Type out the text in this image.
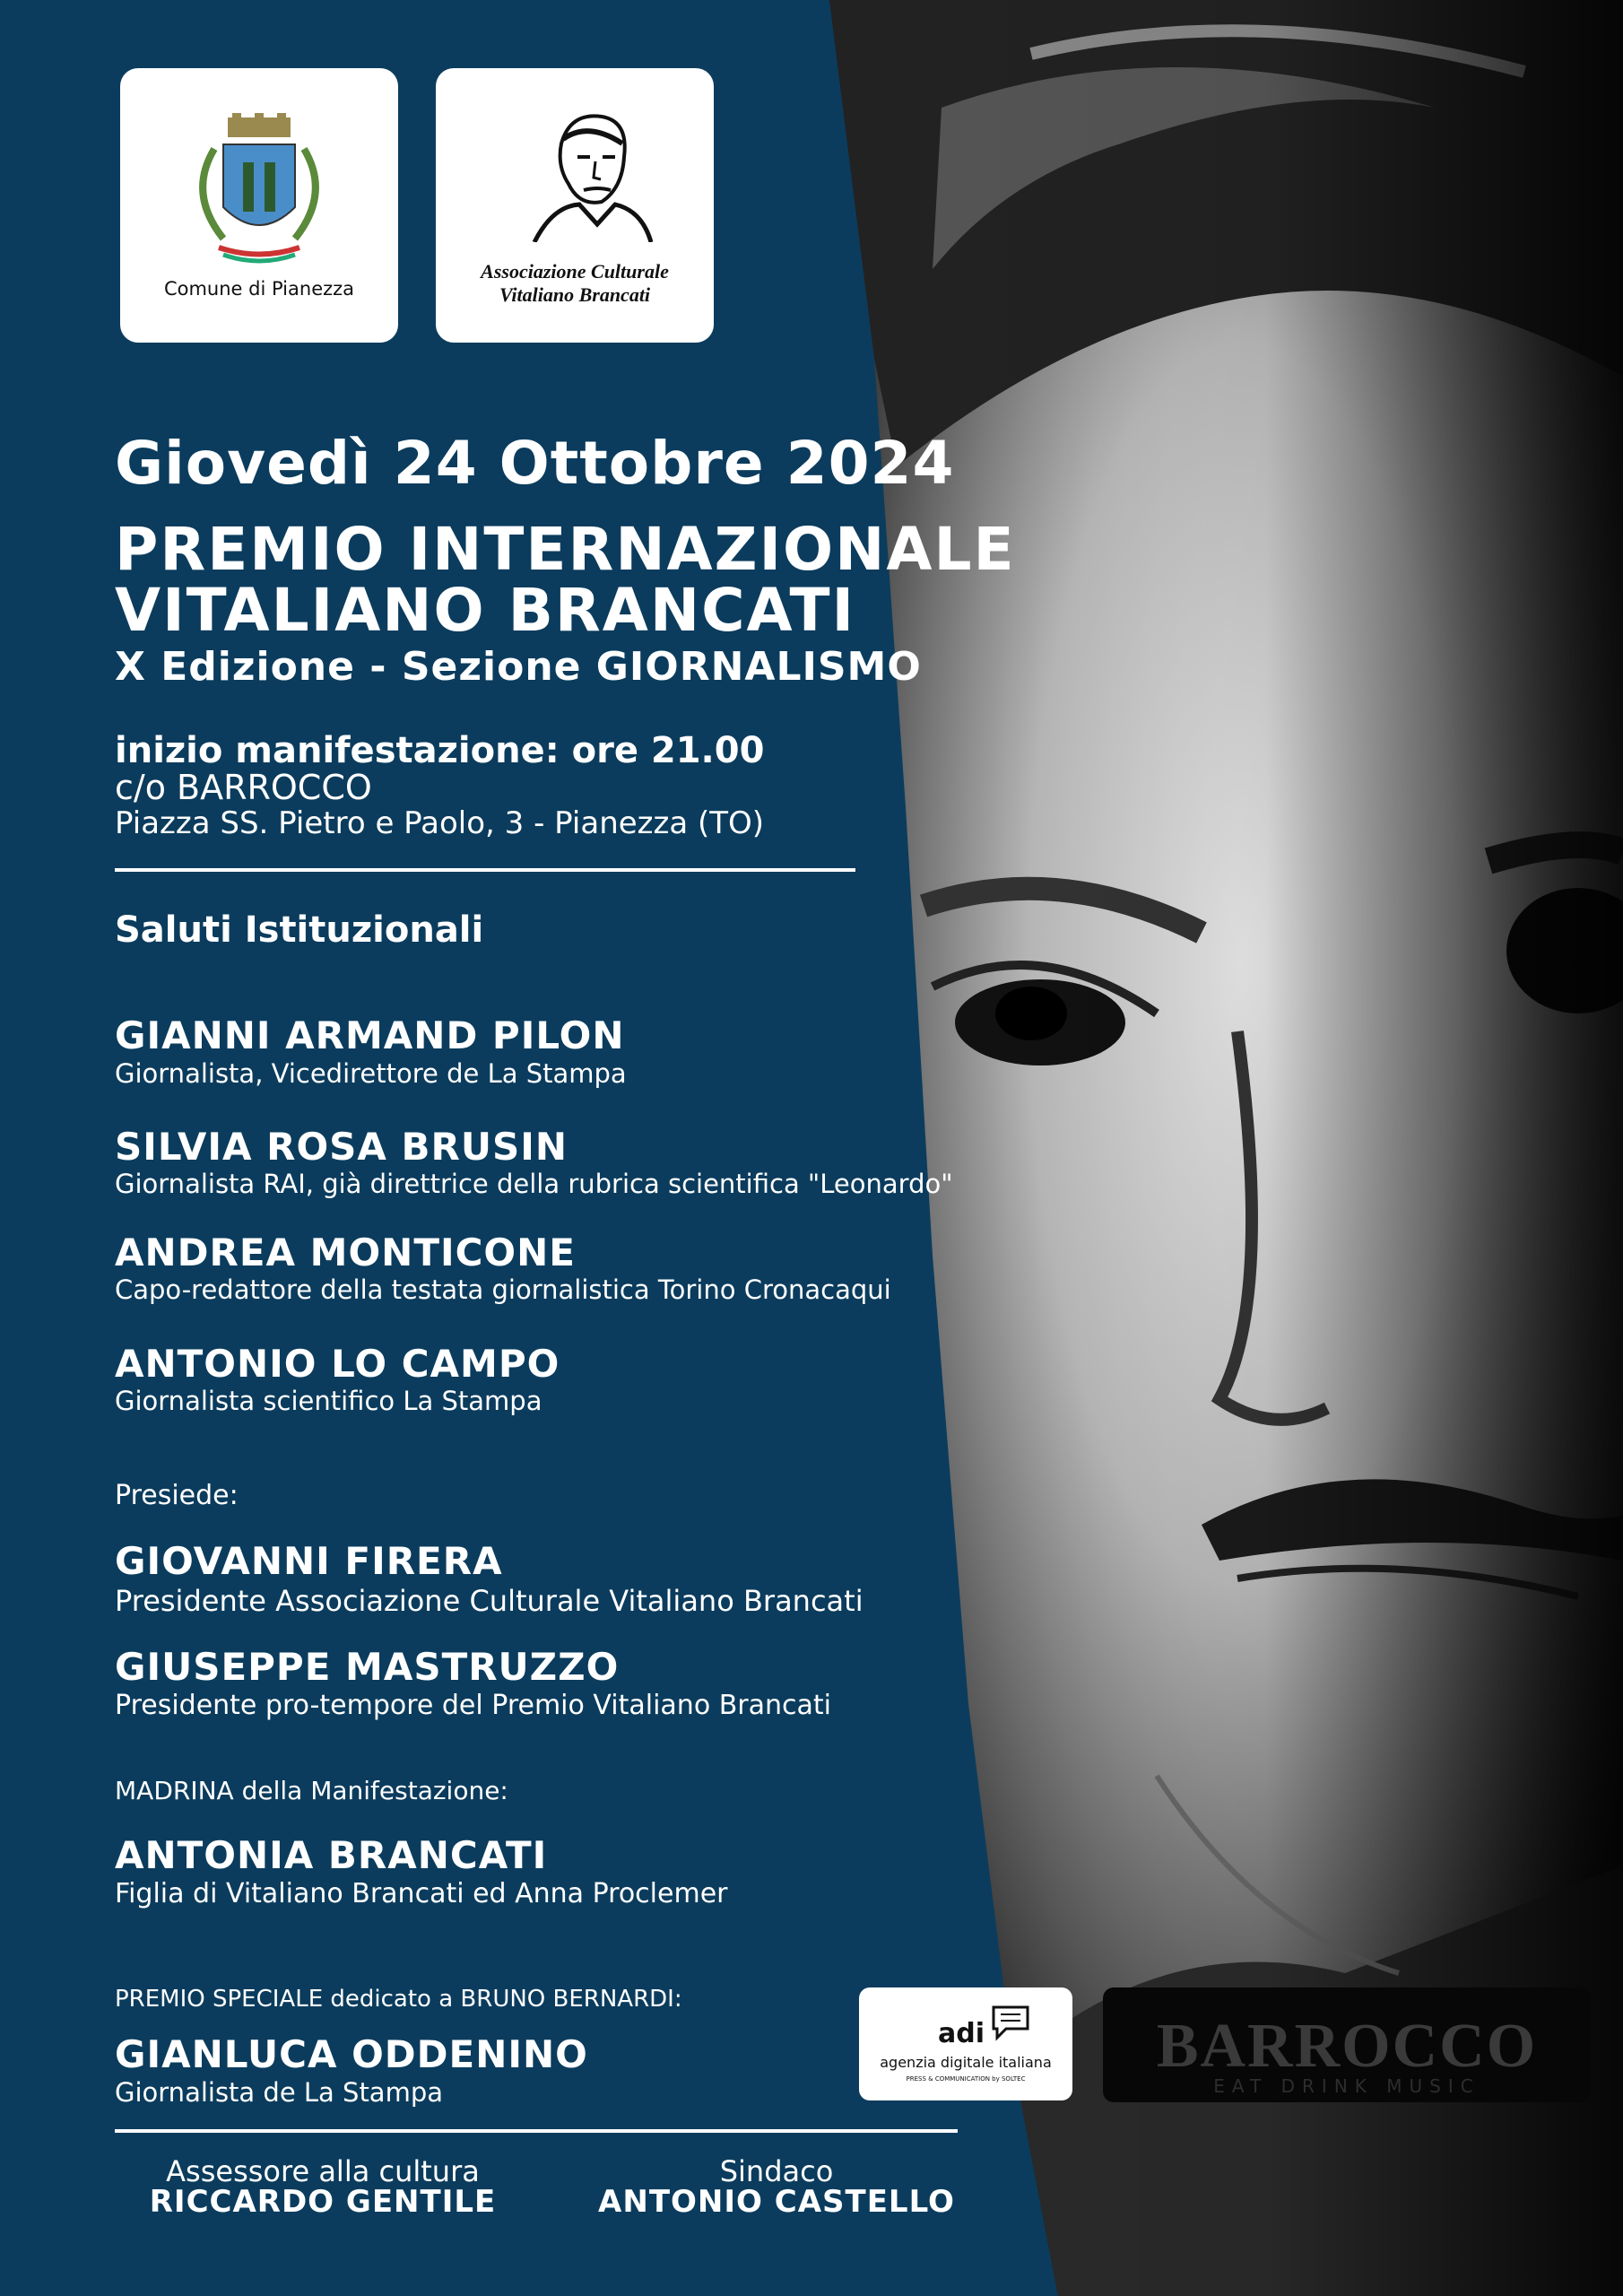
Comune di Pianezza
Associazione Culturale
Vitaliano Brancati
Giovedì 24 Ottobre 2024
PREMIO INTERNAZIONALE
VITALIANO BRANCATI
X Edizione - Sezione GIORNALISMO
inizio manifestazione: ore 21.00
c/o BARROCCO
Piazza SS. Pietro e Paolo, 3 - Pianezza (TO)
Saluti Istituzionali
GIANNI ARMAND PILON
Giornalista, Vicedirettore de La Stampa
SILVIA ROSA BRUSIN
Giornalista RAI, già direttrice della rubrica scientifica "Leonardo"
ANDREA MONTICONE
Capo-redattore della testata giornalistica Torino Cronacaqui
ANTONIO LO CAMPO
Giornalista scientifico La Stampa
Presiede:
GIOVANNI FIRERA
Presidente Associazione Culturale Vitaliano Brancati
GIUSEPPE MASTRUZZO
Presidente pro-tempore del Premio Vitaliano Brancati
MADRINA della Manifestazione:
ANTONIA BRANCATI
Figlia di Vitaliano Brancati ed Anna Proclemer
PREMIO SPECIALE dedicato a BRUNO BERNARDI:
GIANLUCA ODDENINO
Giornalista de La Stampa
adi
agenzia digitale italiana
PRESS & COMMUNICATION by SOLTEC	BARROCCO
EAT DRINK MUSIC
Assessore alla cultura
RICCARDO GENTILE
Sindaco
ANTONIO CASTELLO
